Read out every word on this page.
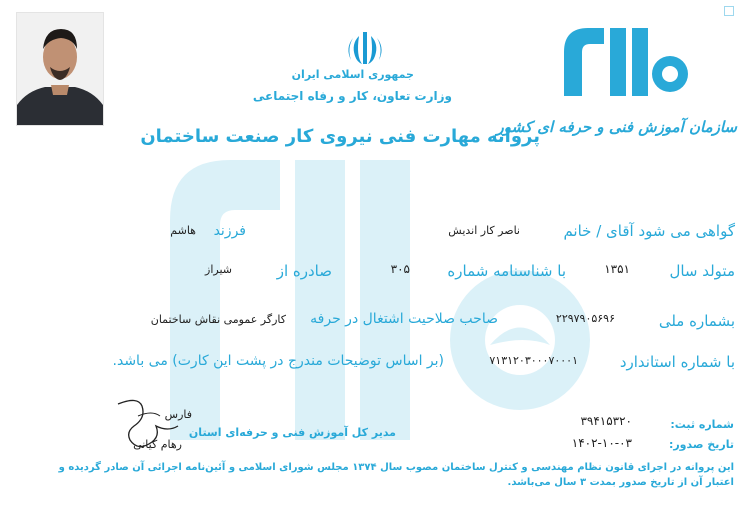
جمهوری اسلامی ایران
وزارت تعاون، کار و رفاه اجتماعی
سازمان آموزش فنی و حرفه ای کشور
پروانه مهارت فنی نیروی کار صنعت ساختمان
گواهی می شود آقای / خانم
ناصر کار اندیش
فرزند
هاشم
متولد سال
۱۳۵۱
با شناسنامه شماره
۳۰۵
صادره از
شیراز
بشماره ملی
۲۲۹۷۹۰۵۶۹۶
صاحب صلاحیت اشتغال در حرفه
کارگر عمومی نقاش ساختمان
با شماره استاندارد
۷۱۳۱۲۰۳۰۰۰۷۰۰۰۱
(بر اساس توضیحات مندرج در پشت این کارت) می باشد.
فارس
رهام کیانی
مدیر کل آموزش فنی و حرفه‌ای استان
شماره ثبت:
۳۹۴۱۵۳۲۰
تاریخ صدور:
۱۴۰۲-۱۰-۰۳
این پروانه در اجرای قانون نظام مهندسی و کنترل ساختمان مصوب سال ۱۳۷۴ مجلس شورای اسلامی و آئین‌نامه اجرائی آن صادر گردیده و اعتبار آن از تاریخ صدور بمدت ۳ سال می‌باشد.
